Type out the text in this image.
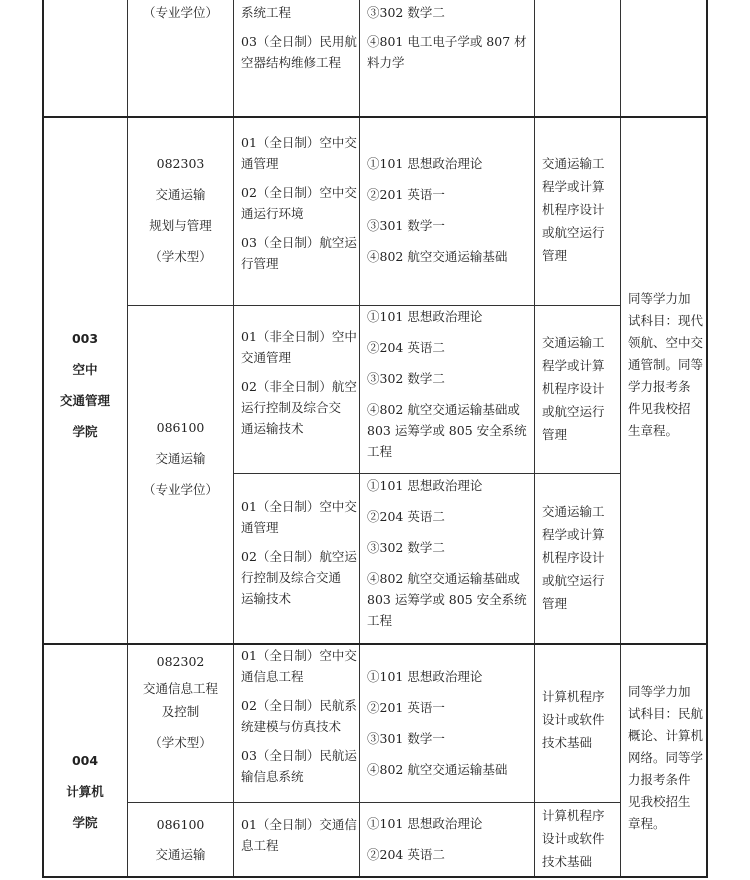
（专业学位）	系统工程
03（全日制）民用航
空器结构维修工程
③302 数学二
④801 电工电子学或 807 材
料力学
003
空中
交通管理
学院
082303
交通运输
规划与管理
（学术型）
01（全日制）空中交
通管理
02（全日制）空中交
通运行环境
03（全日制）航空运
行管理
①101 思想政治理论
②201 英语一
③301 数学一
④802 航空交通运输基础
交通运输工
程学或计算
机程序设计
或航空运行
管理
086100
交通运输
（专业学位）
01（非全日制）空中
交通管理
02（非全日制）航空
运行控制及综合交
通运输技术
①101 思想政治理论
②204 英语二
③302 数学二
④802 航空交通运输基础或
803 运筹学或 805 安全系统
工程
交通运输工
程学或计算
机程序设计
或航空运行
管理
01（全日制）空中交
通管理
02（全日制）航空运
行控制及综合交通
运输技术
①101 思想政治理论
②204 英语二
③302 数学二
④802 航空交通运输基础或
803 运筹学或 805 安全系统
工程
交通运输工
程学或计算
机程序设计
或航空运行
管理
同等学力加
试科目：现代
领航、空中交
通管制。同等
学力报考条
件见我校招
生章程。
004
计算机
学院
082302
交通信息工程
及控制
（学术型）
01（全日制）空中交
通信息工程
02（全日制）民航系
统建模与仿真技术
03（全日制）民航运
输信息系统
①101 思想政治理论
②201 英语一
③301 数学一
④802 航空交通运输基础
计算机程序
设计或软件
技术基础
086100
交通运输
01（全日制）交通信
息工程
①101 思想政治理论
②204 英语二
计算机程序
设计或软件
技术基础
同等学力加
试科目：民航
概论、计算机
网络。同等学
力报考条件
见我校招生
章程。
